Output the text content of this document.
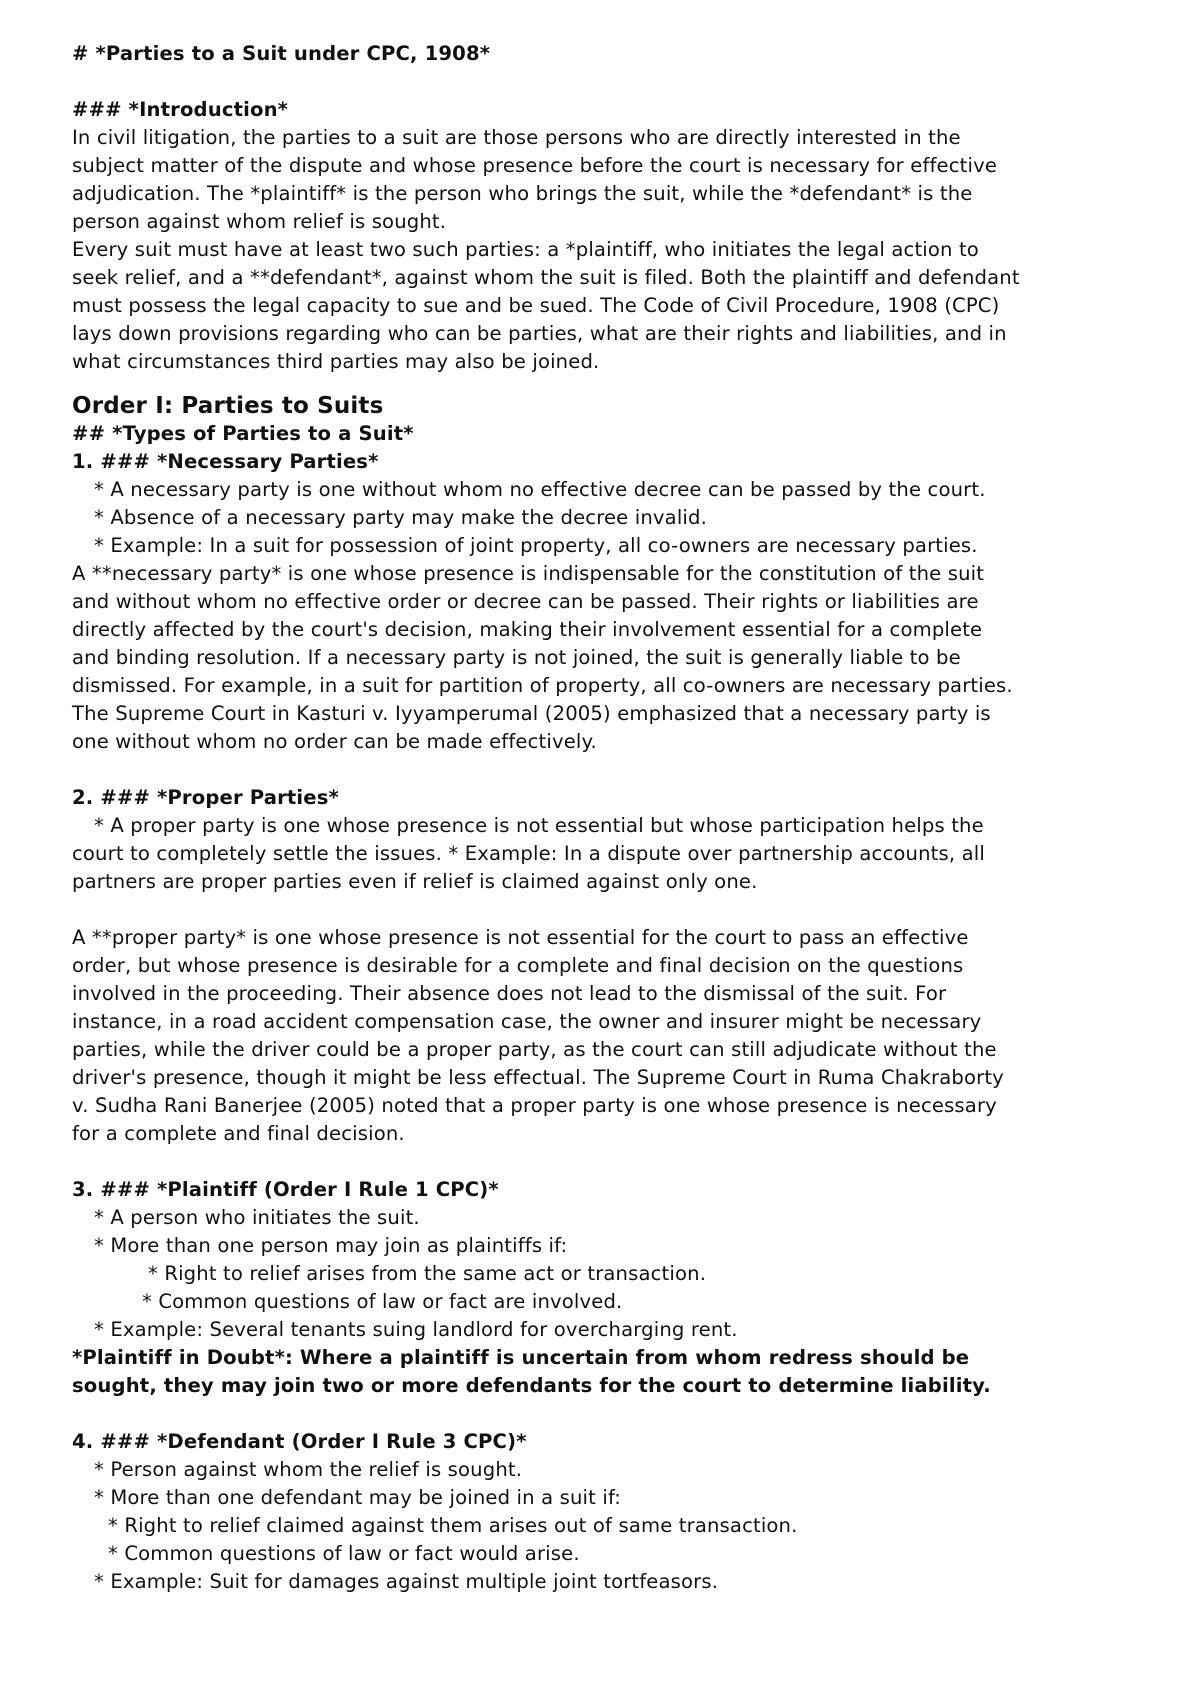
# *Parties to a Suit under CPC, 1908*

### *Introduction*

In civil litigation, the parties to a suit are those persons who are directly interested in the

subject matter of the dispute and whose presence before the court is necessary for effective

adjudication. The *plaintiff* is the person who brings the suit, while the *defendant* is the

person against whom relief is sought.

Every suit must have at least two such parties: a *plaintiff, who initiates the legal action to

seek relief, and a **defendant*, against whom the suit is filed. Both the plaintiff and defendant

must possess the legal capacity to sue and be sued. The Code of Civil Procedure, 1908 (CPC)

lays down provisions regarding who can be parties, what are their rights and liabilities, and in

what circumstances third parties may also be joined.

Order I: Parties to Suits

## *Types of Parties to a Suit*

1. ### *Necessary Parties*

* A necessary party is one without whom no effective decree can be passed by the court.

* Absence of a necessary party may make the decree invalid.

* Example: In a suit for possession of joint property, all co-owners are necessary parties.

A **necessary party* is one whose presence is indispensable for the constitution of the suit

and without whom no effective order or decree can be passed. Their rights or liabilities are

directly affected by the court's decision, making their involvement essential for a complete

and binding resolution. If a necessary party is not joined, the suit is generally liable to be

dismissed. For example, in a suit for partition of property, all co-owners are necessary parties.

The Supreme Court in Kasturi v. Iyyamperumal (2005) emphasized that a necessary party is

one without whom no order can be made effectively.

2. ### *Proper Parties*

* A proper party is one whose presence is not essential but whose participation helps the

court to completely settle the issues. * Example: In a dispute over partnership accounts, all

partners are proper parties even if relief is claimed against only one.

A **proper party* is one whose presence is not essential for the court to pass an effective

order, but whose presence is desirable for a complete and final decision on the questions

involved in the proceeding. Their absence does not lead to the dismissal of the suit. For

instance, in a road accident compensation case, the owner and insurer might be necessary

parties, while the driver could be a proper party, as the court can still adjudicate without the

driver's presence, though it might be less effectual. The Supreme Court in Ruma Chakraborty

v. Sudha Rani Banerjee (2005) noted that a proper party is one whose presence is necessary

for a complete and final decision.

3. ### *Plaintiff (Order I Rule 1 CPC)*

* A person who initiates the suit.

* More than one person may join as plaintiffs if:

* Right to relief arises from the same act or transaction.

* Common questions of law or fact are involved.

* Example: Several tenants suing landlord for overcharging rent.

*Plaintiff in Doubt*: Where a plaintiff is uncertain from whom redress should be

sought, they may join two or more defendants for the court to determine liability.

4. ### *Defendant (Order I Rule 3 CPC)*

* Person against whom the relief is sought.

* More than one defendant may be joined in a suit if:

* Right to relief claimed against them arises out of same transaction.

* Common questions of law or fact would arise.

* Example: Suit for damages against multiple joint tortfeasors.
